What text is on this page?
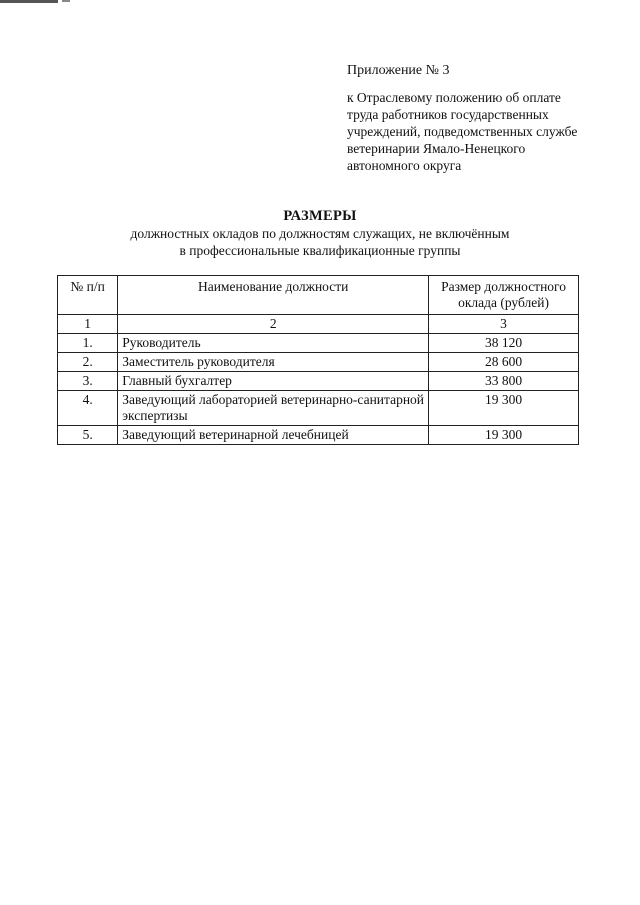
Приложение № 3

к Отраслевому положению об оплате
труда работников государственных
учреждений, подведомственных службе
ветеринарии Ямало-Ненецкого
автономного округа

РАЗМЕРЫ
должностных окладов по должностям служащих, не включённым
в профессиональные квалификационные группы
№ п/п	Наименование должности	Размер должностного
оклада (рублей)
1	2	3
1.	Руководитель	38 120
2.	Заместитель руководителя	28 600
3.	Главный бухгалтер	33 800
4.	Заведующий лабораторией ветеринарно-санитарной экспертизы	19 300
5.	Заведующий ветеринарной лечебницей	19 300
